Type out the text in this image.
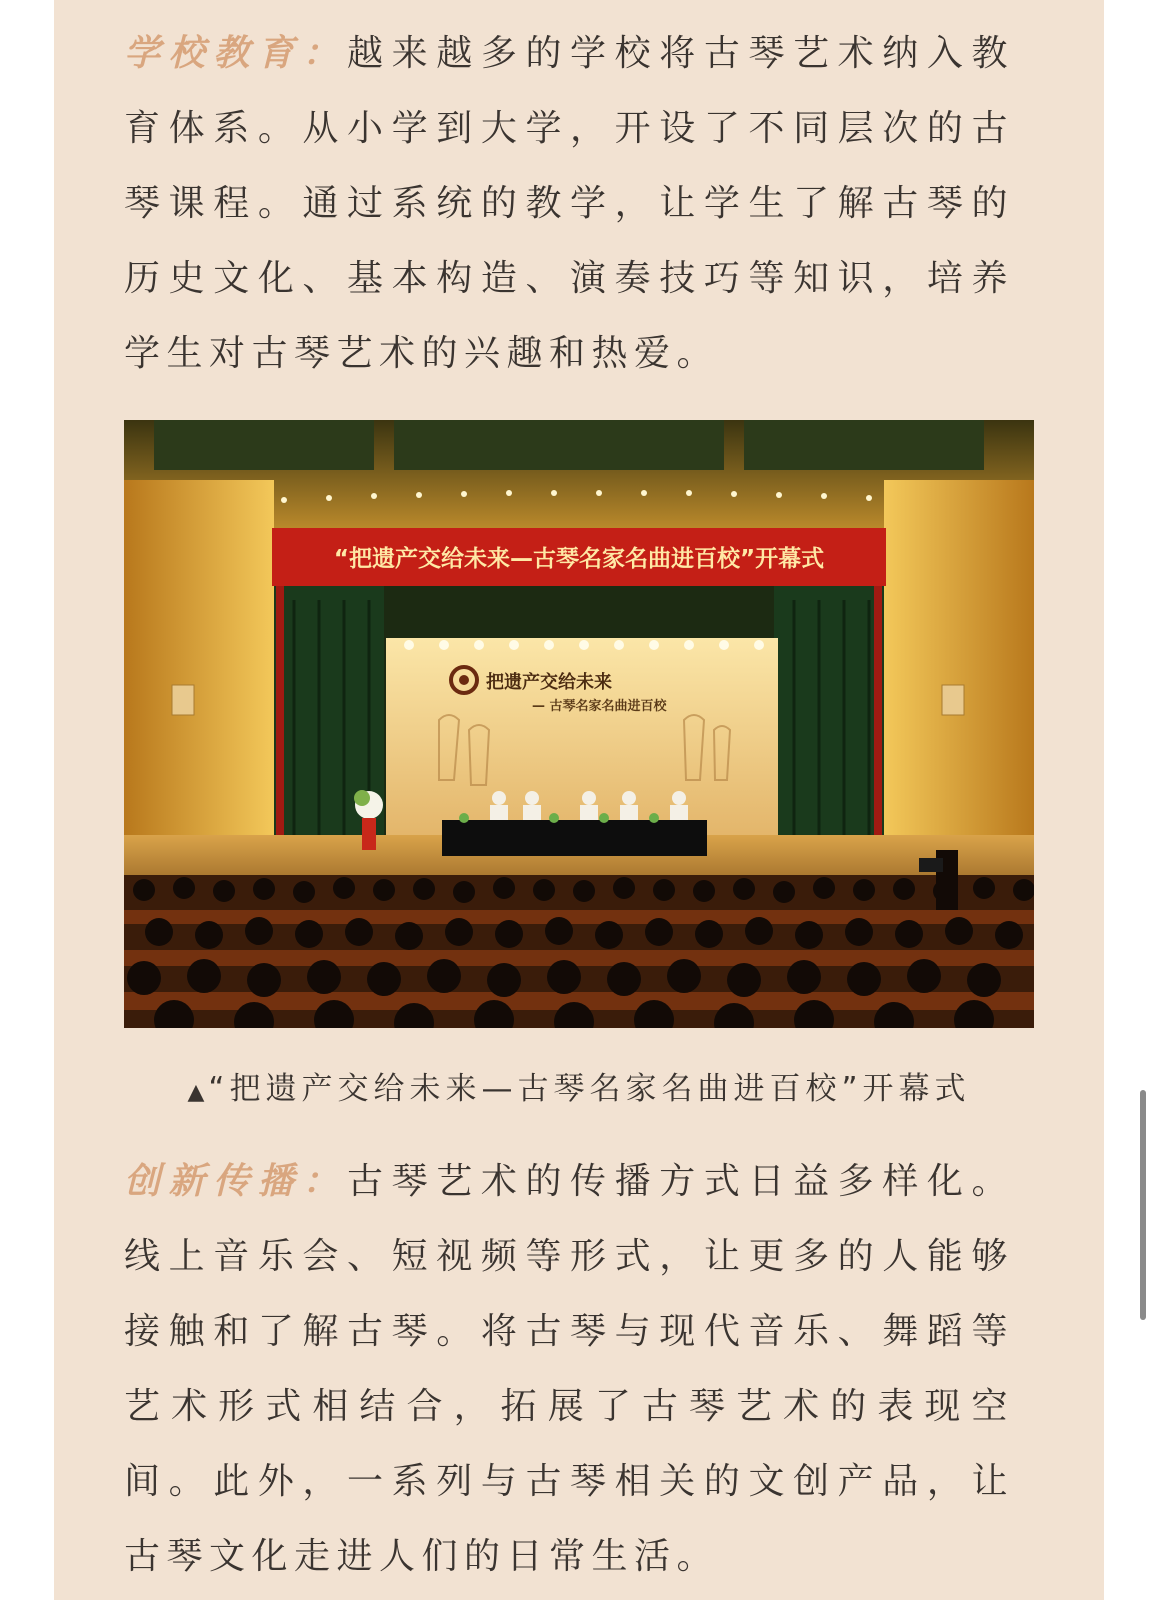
学校教育：越来越多的学校将古琴艺术纳入教育体系。从小学到大学，开设了不同层次的古琴课程。通过系统的教学，让学生了解古琴的历史文化、基本构造、演奏技巧等知识，培养学生对古琴艺术的兴趣和热爱。

“把遗产交给未来—古琴名家名曲进百校”开幕式
把遗产交给未来
— 古琴名家名曲进百校
▲ “把遗产交给未来—古琴名家名曲进百校”开幕式

创新传播：古琴艺术的传播方式日益多样化。线上音乐会、短视频等形式，让更多的人能够接触和了解古琴。将古琴与现代音乐、舞蹈等艺术形式相结合，拓展了古琴艺术的表现空间。此外，一系列与古琴相关的文创产品，让古琴文化走进人们的日常生活。
